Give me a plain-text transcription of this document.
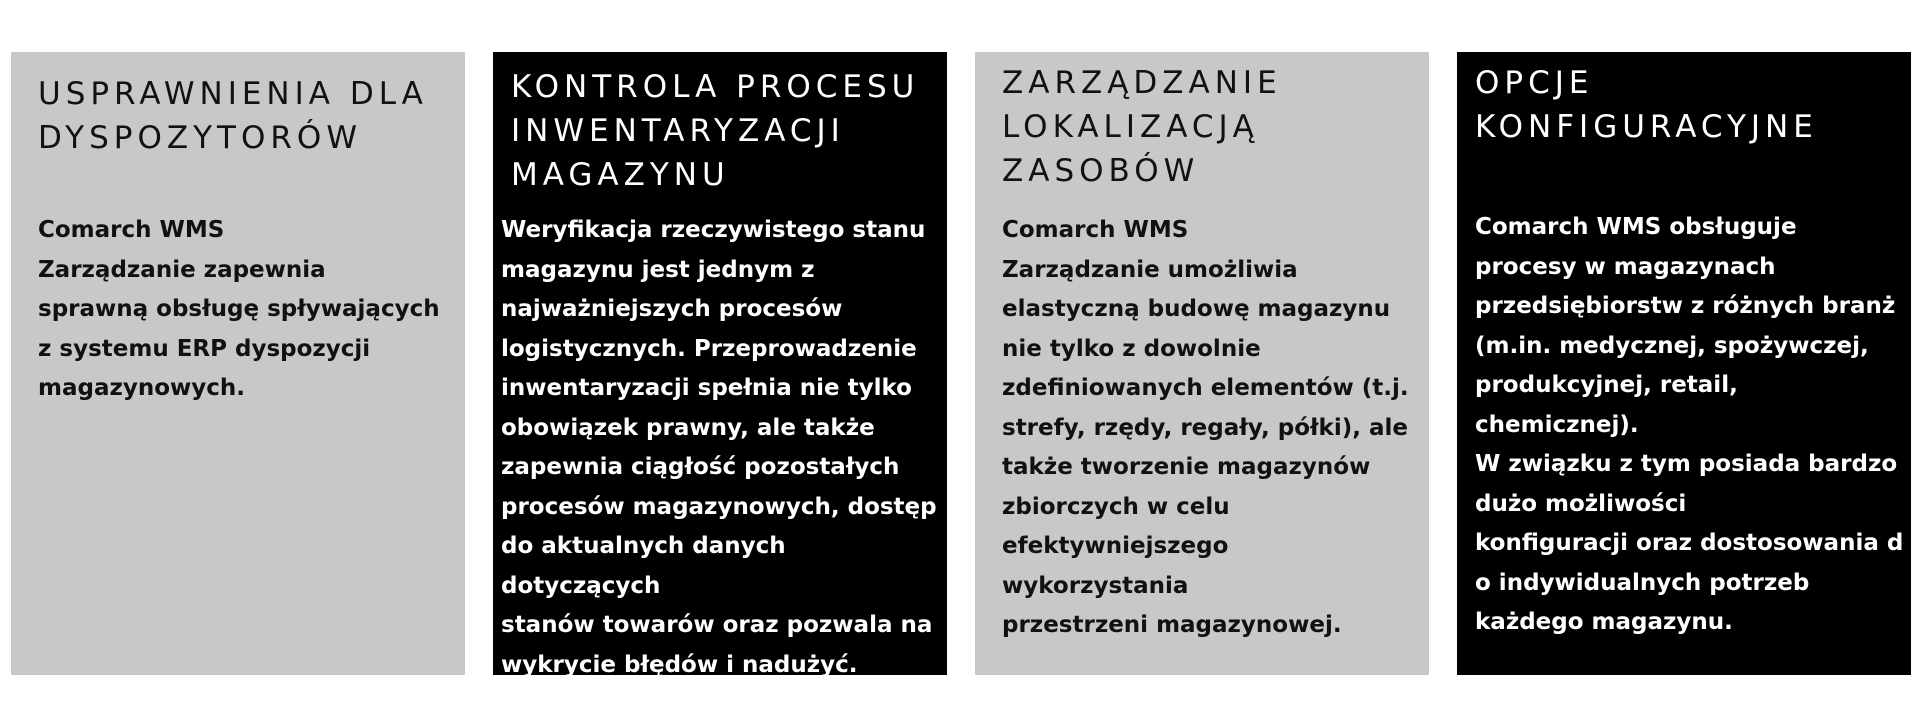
USPRAWNIENIA DLA
DYSPOZYTORÓW

Comarch WMS
Zarządzanie zapewnia
sprawną obsługę spływających
z systemu ERP dyspozycji
magazynowych.

KONTROLA PROCESU
INWENTARYZACJI
MAGAZYNU

Weryfikacja rzeczywistego stanu
magazynu jest jednym z
najważniejszych procesów
logistycznych. Przeprowadzenie
inwentaryzacji spełnia nie tylko
obowiązek prawny, ale także
zapewnia ciągłość pozostałych
procesów magazynowych, dostęp
do aktualnych danych dotyczących
stanów towarów oraz pozwala na
wykrycie błędów i nadużyć.

ZARZĄDZANIE
LOKALIZACJĄ
ZASOBÓW

Comarch WMS
Zarządzanie umożliwia
elastyczną budowę magazynu
nie tylko z dowolnie
zdefiniowanych elementów (t.j.
strefy, rzędy, regały, półki), ale
także tworzenie magazynów
zbiorczych w celu
efektywniejszego wykorzystania
przestrzeni magazynowej.

OPCJE
KONFIGURACYJNE

Comarch WMS obsługuje
procesy w magazynach
przedsiębiorstw z różnych branż
(m.in. medycznej, spożywczej,
produkcyjnej, retail, chemicznej).
W związku z tym posiada bardzo
dużo możliwości
konfiguracji oraz dostosowania d
o indywidualnych potrzeb
każdego magazynu.
